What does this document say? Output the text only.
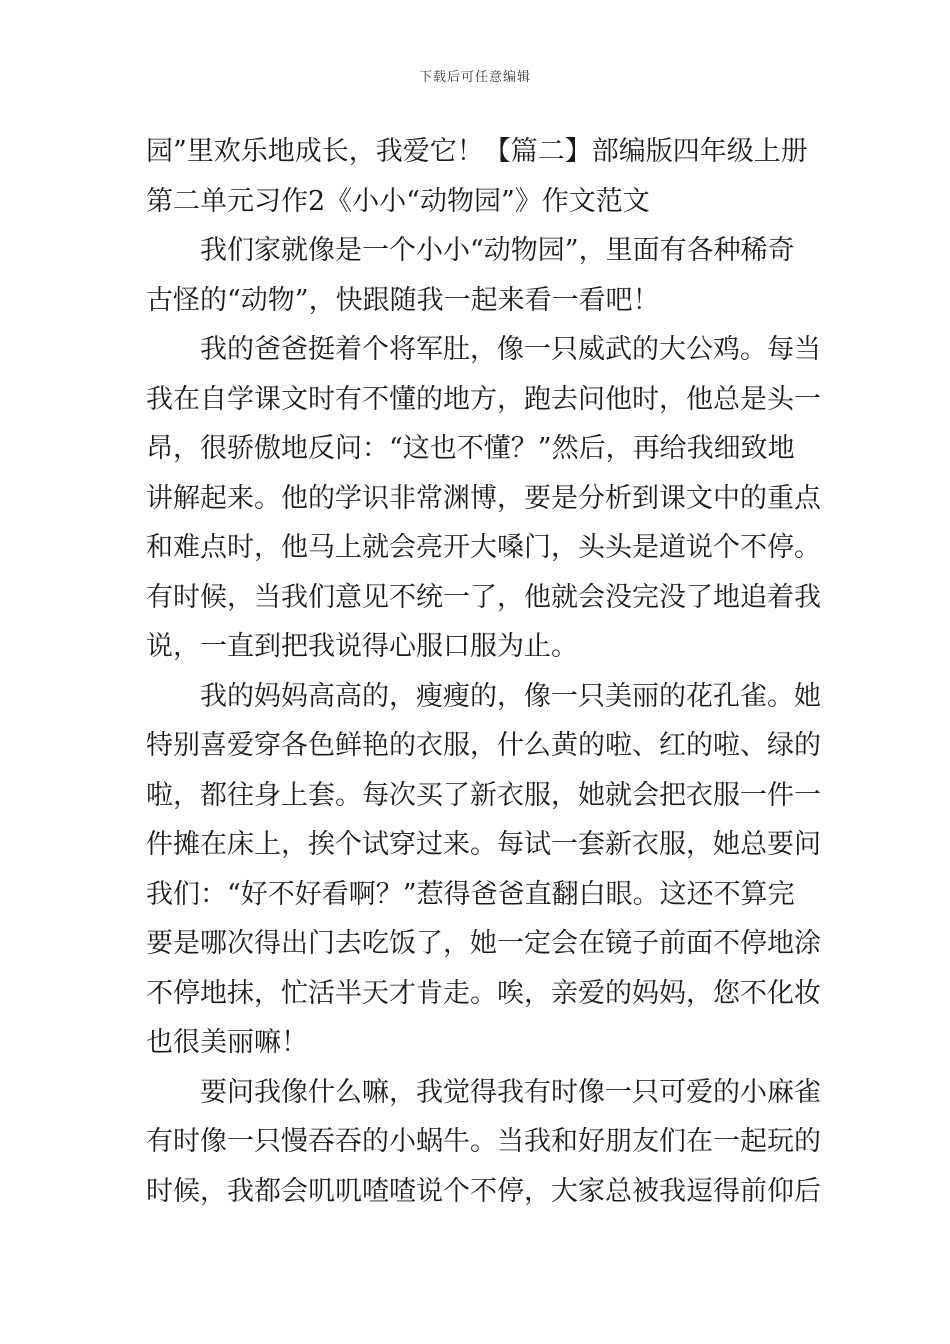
下载后可任意编辑
园”里欢乐地成长，我爱它！【篇二】部编版四年级上册
第二单元习作2《小小“动物园”》作文范文
我们家就像是一个小小“动物园”，里面有各种稀奇
古怪的“动物”，快跟随我一起来看一看吧！
我的爸爸挺着个将军肚，像一只威武的大公鸡。每当
我在自学课文时有不懂的地方，跑去问他时，他总是头一
昂，很骄傲地反问：“这也不懂？”然后，再给我细致地
讲解起来。他的学识非常渊博，要是分析到课文中的重点
和难点时，他马上就会亮开大嗓门，头头是道说个不停。
有时候，当我们意见不统一了，他就会没完没了地追着我
说，一直到把我说得心服口服为止。
我的妈妈高高的，瘦瘦的，像一只美丽的花孔雀。她
特别喜爱穿各色鲜艳的衣服，什么黄的啦、红的啦、绿的
啦，都往身上套。每次买了新衣服，她就会把衣服一件一
件摊在床上，挨个试穿过来。每试一套新衣服，她总要问
我们：“好不好看啊？”惹得爸爸直翻白眼。这还不算完
要是哪次得出门去吃饭了，她一定会在镜子前面不停地涂
不停地抹，忙活半天才肯走。唉，亲爱的妈妈，您不化妆
也很美丽嘛！
要问我像什么嘛，我觉得我有时像一只可爱的小麻雀
有时像一只慢吞吞的小蜗牛。当我和好朋友们在一起玩的
时候，我都会叽叽喳喳说个不停，大家总被我逗得前仰后
